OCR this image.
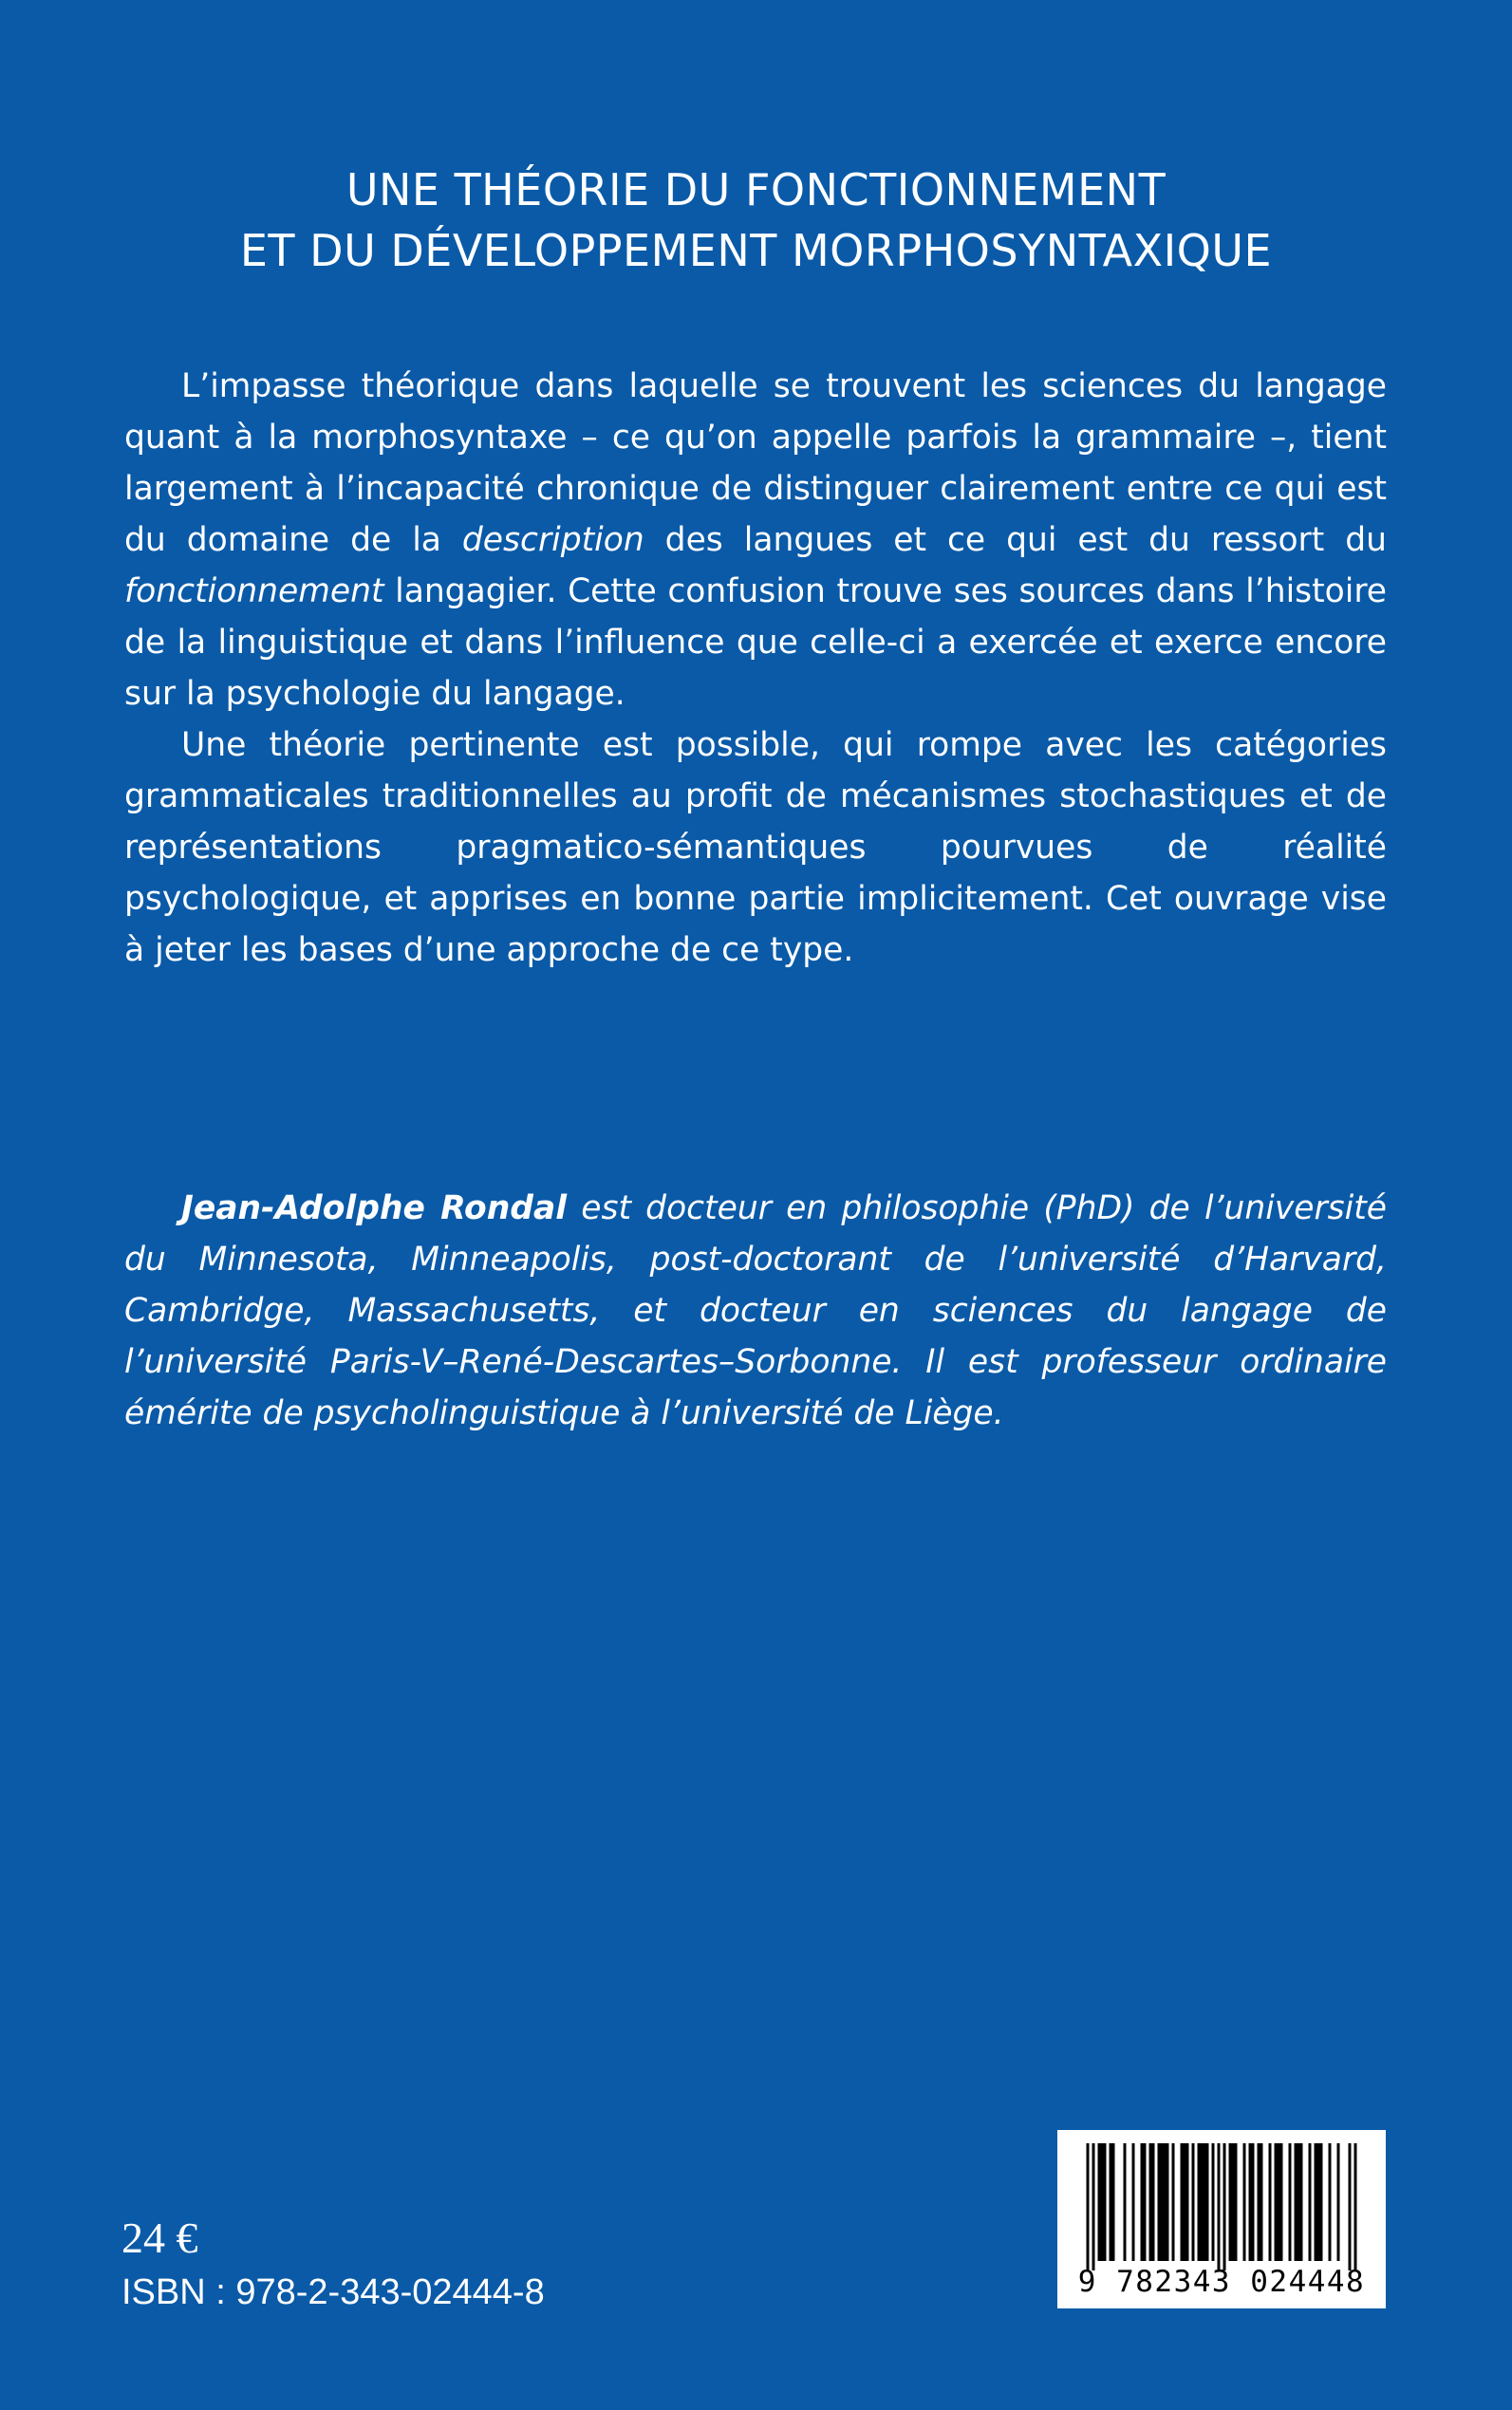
UNE THÉORIE DU FONCTIONNEMENT
ET DU DÉVELOPPEMENT MORPHOSYNTAXIQUE

L’impasse théorique dans laquelle se trouvent les sciences du langage quant à la morphosyntaxe – ce qu’on appelle parfois la grammaire –, tient largement à l’incapacité chronique de distinguer clairement entre ce qui est du domaine de la description des langues et ce qui est du ressort du fonctionnement langagier. Cette confusion trouve ses sources dans l’histoire de la linguistique et dans l’influence que celle-ci a exercée et exerce encore sur la psychologie du langage.

Une théorie pertinente est possible, qui rompe avec les catégories grammaticales traditionnelles au profit de mécanismes stochastiques et de représentations pragmatico-sémantiques pourvues de réalité psychologique, et apprises en bonne partie implicitement. Cet ouvrage vise à jeter les bases d’une approche de ce type.

Jean-Adolphe Rondal est docteur en philosophie (PhD) de l’université du Minnesota, Minneapolis, post-doctorant de l’université d’Harvard, Cambridge, Massachusetts, et docteur en sciences du langage de l’université Paris-V–René-Descartes–Sorbonne. Il est professeur ordinaire émérite de psycholinguistique à l’université de Liège.
24 €
ISBN : 978-2-343-02444-8	9 782343 024448
